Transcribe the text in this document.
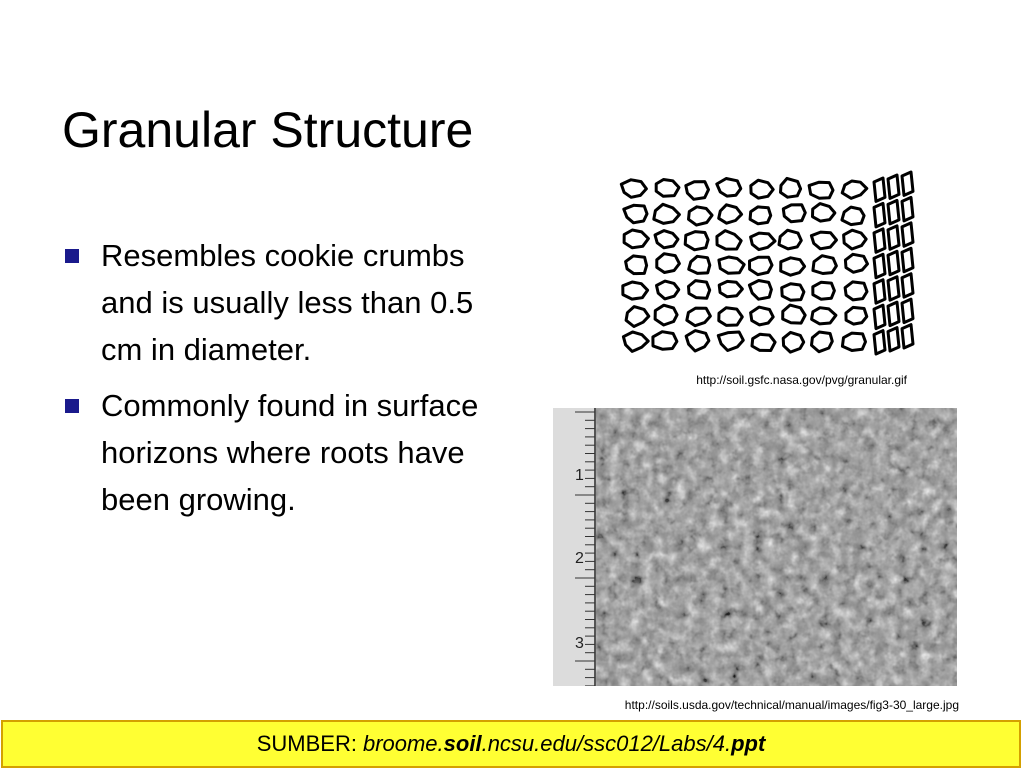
Granular Structure
Resembles cookie crumbs and is usually less than 0.5 cm in diameter.
Commonly found in surface horizons where roots have been growing.
http://soil.gsfc.nasa.gov/pvg/granular.gif
1
2
3
http://soils.usda.gov/technical/manual/images/fig3-30_large.jpg
SUMBER: broome.soil.ncsu.edu/ssc012/Labs/4.ppt
